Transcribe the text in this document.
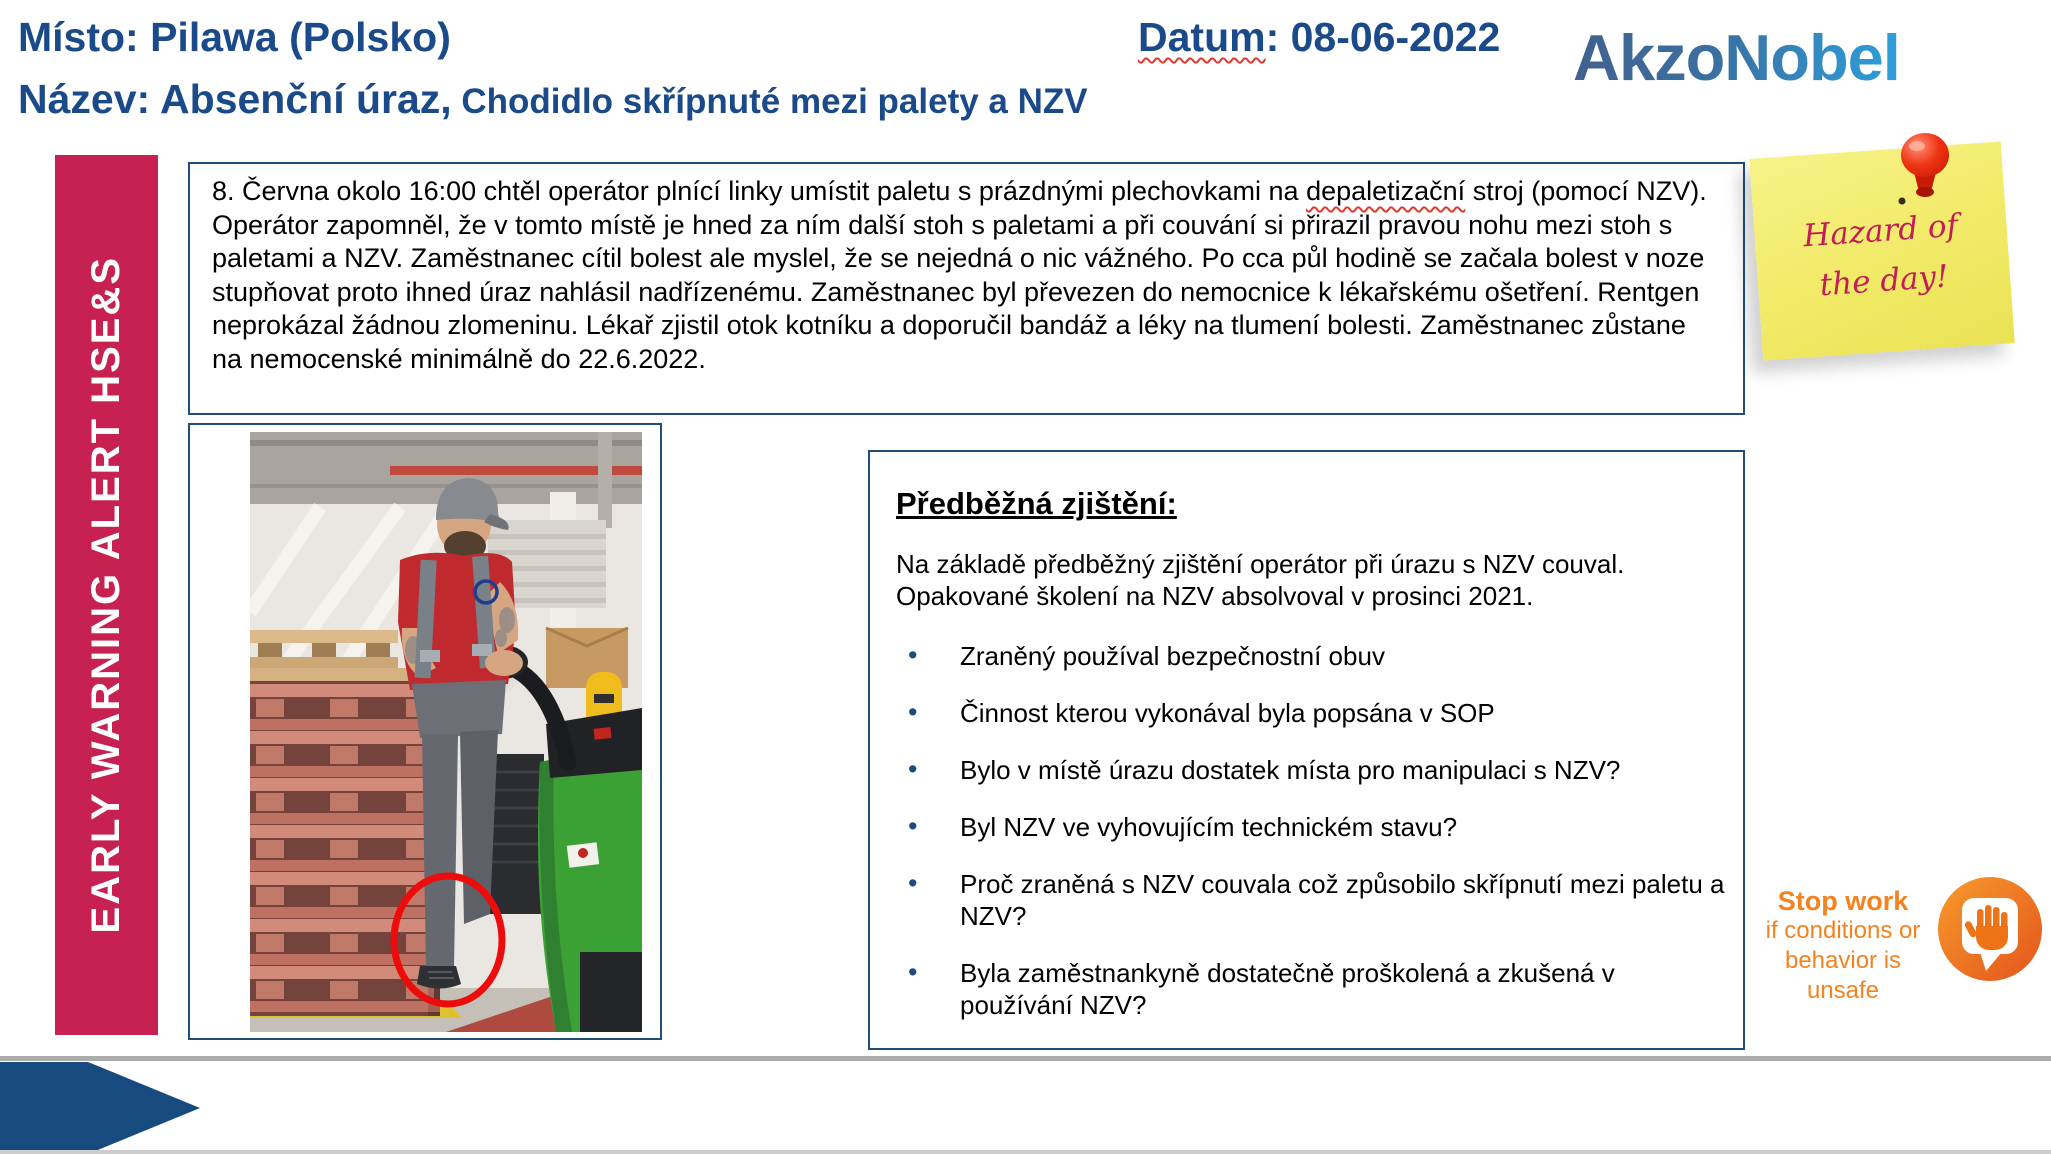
Místo: Pilawa (Polsko)	Datum: 08-06-2022 AkzoNobel
Název: Absenční úraz, Chodidlo skřípnuté mezi palety a NZV
EARLY WARNING ALERT HSE&S
8. Června okolo 16:00 chtěl operátor plnící linky umístit paletu s prázdnými plechovkami na depaletizační stroj (pomocí NZV). Operátor zapomněl, že v tomto místě je hned za ním další stoh s paletami a při couvání si přirazil pravou nohu mezi stoh s paletami a NZV. Zaměstnanec cítil bolest ale myslel, že se nejedná o nic vážného. Po cca půl hodině se začala bolest v noze stupňovat proto ihned úraz nahlásil nadřízenému. Zaměstnanec byl převezen do nemocnice k lékařskému ošetření. Rentgen neprokázal žádnou zlomeninu. Lékař zjistil otok kotníku a doporučil bandáž a léky na tlumení bolesti. Zaměstnanec zůstane na nemocenské minimálně do 22.6.2022.
Hazard of
the day!

Předběžná zjištění:

Na základě předběžný zjištění operátor při úrazu s NZV couval. Opakované školení na NZV absolvoval v prosinci 2021.

• Zraněný používal bezpečnostní obuv
• Činnost kterou vykonával byla popsána v SOP
• Bylo v místě úrazu dostatek místa pro manipulaci s NZV?
• Byl NZV ve vyhovujícím technickém stavu?
• Proč zraněná s NZV couvala což způsobilo skřípnutí mezi paletu a NZV?
• Byla zaměstnankyně dostatečně proškolená a zkušená v používání NZV?
Stop work
if conditions or
behavior is
unsafe
